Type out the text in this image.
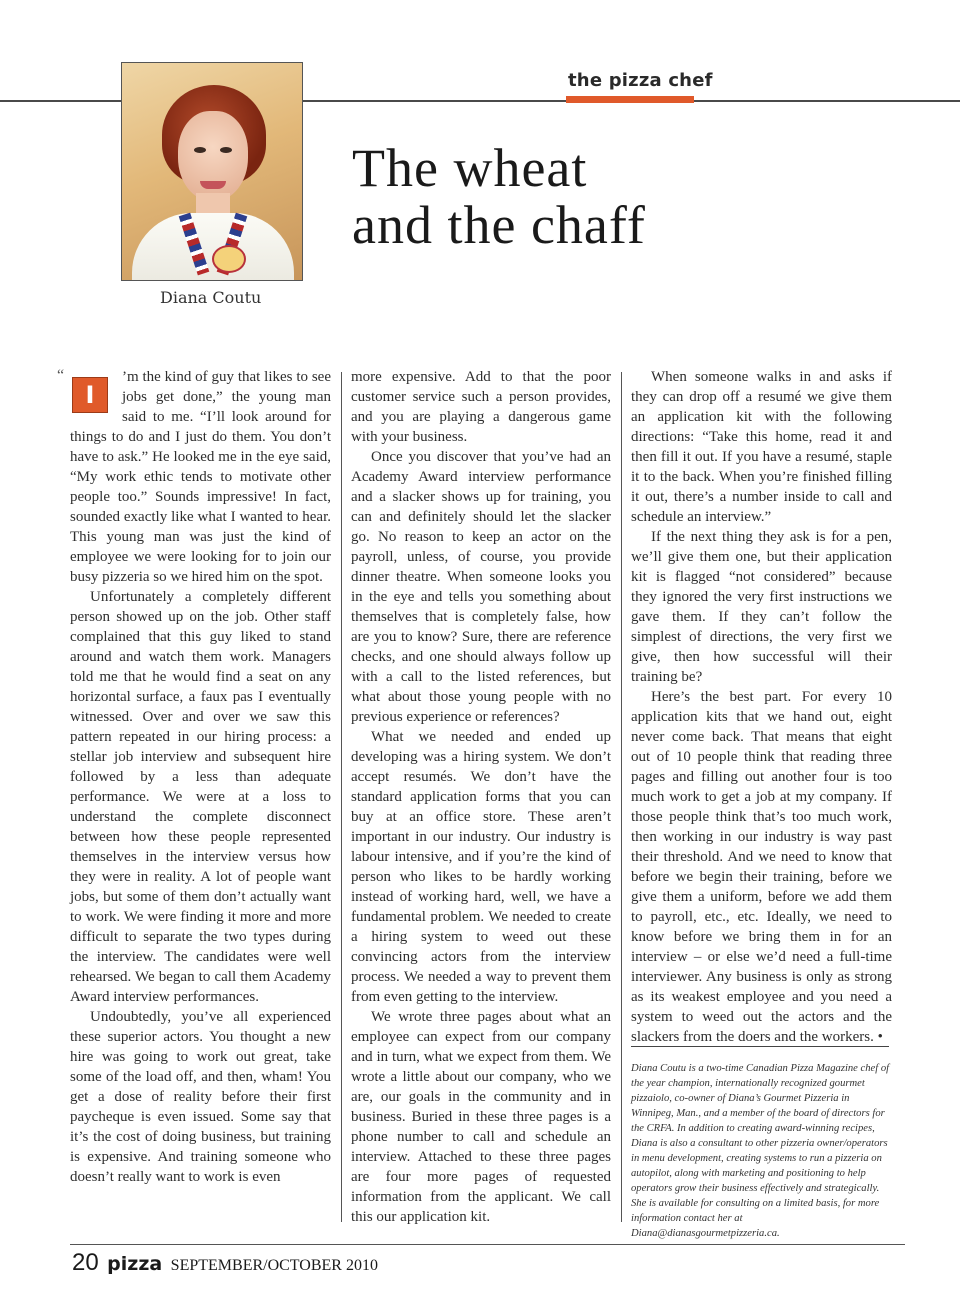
the pizza chef
Diana Coutu
The wheat
and the chaff
“

I
’m the kind of guy that likes to see jobs get done,” the young man said to me. “I’ll look around for things to do and I just do them. You don’t have to ask.” He looked me in the eye said, “My work ethic tends to motivate other people too.” Sounds impressive! In fact, sounded exactly like what I wanted to hear. This young man was just the kind of employee we were looking for to join our busy pizzeria so we hired him on the spot.

Unfortunately a completely different person showed up on the job. Other staff complained that this guy liked to stand around and watch them work. Managers told me that he would find a seat on any horizontal surface, a faux pas I eventually witnessed. Over and over we saw this pattern repeated in our hiring process: a stellar job interview and subsequent hire followed by a less than adequate performance. We were at a loss to understand the complete disconnect between how these people represented themselves in the interview versus how they were in reality. A lot of people want jobs, but some of them don’t actually want to work. We were finding it more and more difficult to separate the two types during the interview. The candidates were well rehearsed. We began to call them Academy Award interview performances.

Undoubtedly, you’ve all experienced these superior actors. You thought a new hire was going to work out great, take some of the load off, and then, wham! You get a dose of reality before their first paycheque is even issued. Some say that it’s the cost of doing business, but training is expensive. And training someone who doesn’t really want to work is even

more expensive. Add to that the poor customer service such a person provides, and you are playing a dangerous game with your business.

Once you discover that you’ve had an Academy Award interview performance and a slacker shows up for training, you can and definitely should let the slacker go. No reason to keep an actor on the payroll, unless, of course, you provide dinner theatre. When someone looks you in the eye and tells you something about themselves that is completely false, how are you to know? Sure, there are reference checks, and one should always follow up with a call to the listed references, but what about those young people with no previous experience or references?

What we needed and ended up developing was a hiring system. We don’t accept resumés. We don’t have the standard application forms that you can buy at an office store. These aren’t important in our industry. Our industry is labour intensive, and if you’re the kind of person who likes to be hardly working instead of working hard, well, we have a fundamental problem. We needed to create a hiring system to weed out these convincing actors from the interview process. We needed a way to prevent them from even getting to the interview.

We wrote three pages about what an employee can expect from our company and in turn, what we expect from them. We wrote a little about our company, who we are, our goals in the community and in business. Buried in these three pages is a phone number to call and schedule an interview. Attached to these three pages are four more pages of requested information from the applicant. We call this our application kit.

When someone walks in and asks if they can drop off a resumé we give them an application kit with the following directions: “Take this home, read it and then fill it out. If you have a resumé, staple it to the back. When you’re finished filling it out, there’s a number inside to call and schedule an interview.”

If the next thing they ask is for a pen, we’ll give them one, but their application kit is flagged “not considered” because they ignored the very first instructions we gave them. If they can’t follow the simplest of directions, the very first we give, then how successful will their training be?

Here’s the best part. For every 10 application kits that we hand out, eight never come back. That means that eight out of 10 people think that reading three pages and filling out another four is too much work to get a job at my company. If those people think that’s too much work, then working in our industry is way past their threshold. And we need to know that before we begin their training, before we give them a uniform, before we add them to payroll, etc., etc. Ideally, we need to know before we bring them in for an interview – or else we’d need a full-time interviewer. Any business is only as strong as its weakest employee and you need a system to weed out the actors and the slackers from the doers and the workers. •

Diana Coutu is a two-time Canadian Pizza Magazine chef of the year champion, internationally recognized gourmet pizzaiolo, co-owner of Diana’s Gourmet Pizzeria in Winnipeg, Man., and a member of the board of directors for the CRFA. In addition to creating award-winning recipes, Diana is also a consultant to other pizzeria owner/operators in menu development, creating systems to run a pizzeria on autopilot, along with marketing and positioning to help operators grow their business effectively and strategically. She is available for consulting on a limited basis, for more information contact her at Diana@dianasgourmetpizzeria.ca.

20 pizza SEPTEMBER/OCTOBER 2010
